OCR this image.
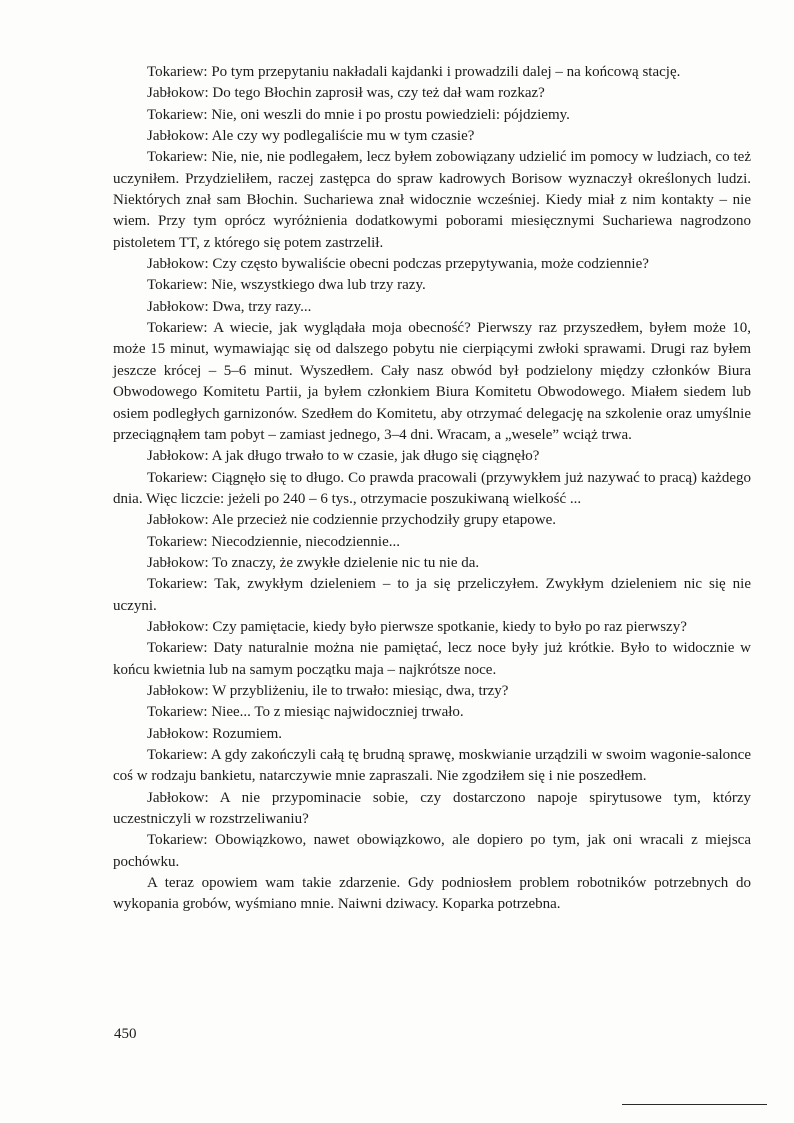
Tokariew: Po tym przepytaniu nakładali kajdanki i prowadzili dalej – na końcową stację.

Jabłokow: Do tego Błochin zaprosił was, czy też dał wam rozkaz?

Tokariew: Nie, oni weszli do mnie i po prostu powiedzieli: pójdziemy.

Jabłokow: Ale czy wy podlegaliście mu w tym czasie?

Tokariew: Nie, nie, nie podlegałem, lecz byłem zobowiązany udzielić im pomocy w ludziach, co też uczyniłem. Przydzieliłem, raczej zastępca do spraw kadrowych Borisow wyznaczył określonych ludzi. Niektórych znał sam Błochin. Suchariewa znał widocznie wcześniej. Kiedy miał z nim kontakty – nie wiem. Przy tym oprócz wyróżnienia dodatkowymi poborami miesięcznymi Suchariewa nagrodzono pistoletem TT, z którego się potem zastrzelił.

Jabłokow: Czy często bywaliście obecni podczas przepytywania, może codziennie?

Tokariew: Nie, wszystkiego dwa lub trzy razy.

Jabłokow: Dwa, trzy razy...

Tokariew: A wiecie, jak wyglądała moja obecność? Pierwszy raz przyszedłem, byłem może 10, może 15 minut, wymawiając się od dalszego pobytu nie cierpiącymi zwłoki sprawami. Drugi raz byłem jeszcze krócej – 5–6 minut. Wyszedłem. Cały nasz obwód był podzielony między członków Biura Obwodowego Komitetu Partii, ja byłem członkiem Biura Komitetu Obwodowego. Miałem siedem lub osiem podległych garnizonów. Szedłem do Komitetu, aby otrzymać delegację na szkolenie oraz umyślnie przeciągnąłem tam pobyt – zamiast jednego, 3–4 dni. Wracam, a „wesele” wciąż trwa.

Jabłokow: A jak długo trwało to w czasie, jak długo się ciągnęło?

Tokariew: Ciągnęło się to długo. Co prawda pracowali (przywykłem już nazywać to pracą) każdego dnia. Więc liczcie: jeżeli po 240 – 6 tys., otrzymacie poszukiwaną wielkość ...

Jabłokow: Ale przecież nie codziennie przychodziły grupy etapowe.

Tokariew: Niecodziennie, niecodziennie...

Jabłokow: To znaczy, że zwykłe dzielenie nic tu nie da.

Tokariew: Tak, zwykłym dzieleniem – to ja się przeliczyłem. Zwykłym dzieleniem nic się nie uczyni.

Jabłokow: Czy pamiętacie, kiedy było pierwsze spotkanie, kiedy to było po raz pierwszy?

Tokariew: Daty naturalnie można nie pamiętać, lecz noce były już krótkie. Było to widocznie w końcu kwietnia lub na samym początku maja – najkrótsze noce.

Jabłokow: W przybliżeniu, ile to trwało: miesiąc, dwa, trzy?

Tokariew: Niee... To z miesiąc najwidoczniej trwało.

Jabłokow: Rozumiem.

Tokariew: A gdy zakończyli całą tę brudną sprawę, moskwianie urządzili w swoim wagonie-salonce coś w rodzaju bankietu, natarczywie mnie zapraszali. Nie zgodziłem się i nie poszedłem.

Jabłokow: A nie przypominacie sobie, czy dostarczono napoje spirytusowe tym, którzy uczestniczyli w rozstrzeliwaniu?

Tokariew: Obowiązkowo, nawet obowiązkowo, ale dopiero po tym, jak oni wracali z miejsca pochówku.

A teraz opowiem wam takie zdarzenie. Gdy podniosłem problem robotników potrzebnych do wykopania grobów, wyśmiano mnie. Naiwni dziwacy. Koparka potrzebna.

450
